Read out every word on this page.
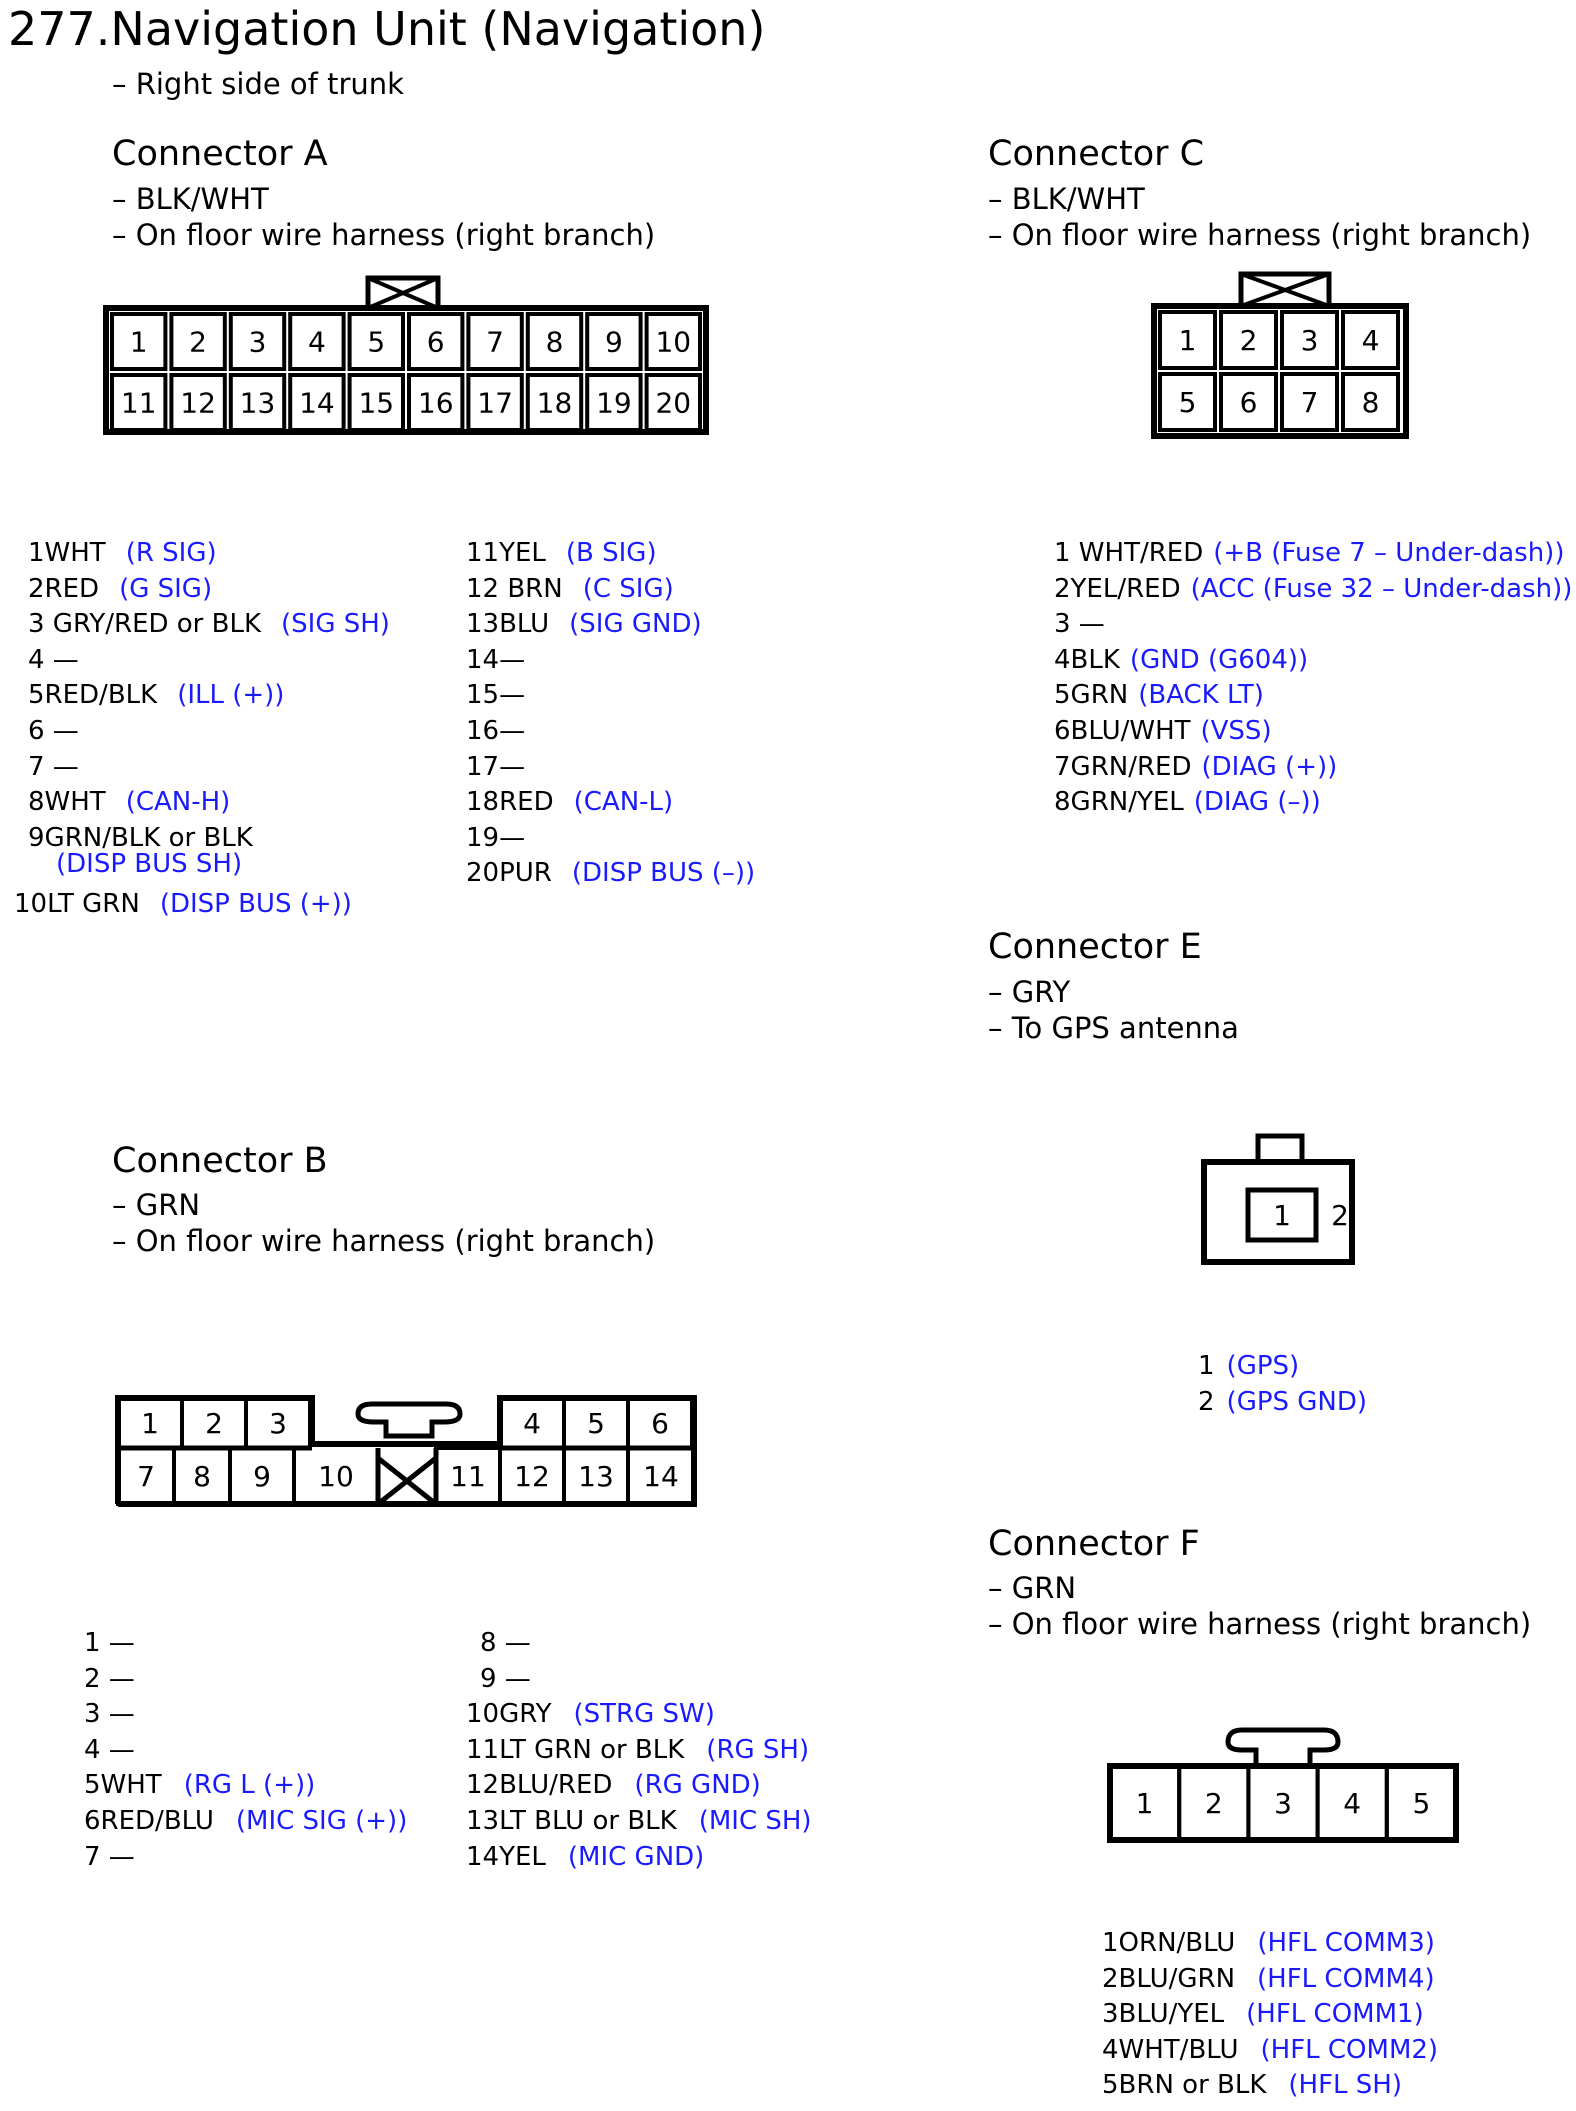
277.Navigation Unit (Navigation)
– Right side of trunk
Connector A
– BLK/WHT
– On floor wire harness (right branch)
1 2 3 4 5 6 7 8 9 10
11 12 13 14 15 16 17 18 19 20
1WHT (R SIG)
2RED (G SIG)
3 GRY/RED or BLK (SIG SH)
4 —
5RED/BLK (ILL (+))
6 —
7 —
8WHT (CAN-H)
9GRN/BLK or BLK
(DISP BUS SH)
10LT GRN (DISP BUS (+))
11YEL (B SIG)
12 BRN (C SIG)
13BLU (SIG GND)
14—
15—
16—
17—
18RED (CAN-L)
19—
20PUR (DISP BUS (–))
Connector C
– BLK/WHT
– On floor wire harness (right branch)
1 2 3 4
5 6 7 8
1 WHT/RED (+B (Fuse 7 – Under-dash))
2YEL/RED (ACC (Fuse 32 – Under-dash))
3 —
4BLK (GND (G604))
5GRN (BACK LT)
6BLU/WHT (VSS)
7GRN/RED (DIAG (+))
8GRN/YEL (DIAG (–))
Connector E
– GRY
– To GPS antenna
1 2
1 (GPS)
2 (GPS GND)
Connector B
– GRN
– On floor wire harness (right branch)
1 2 3	4 5 6
7 8 9 10	11 12 13 14
1 —
2 —
3 —
4 —
5WHT (RG L (+))
6RED/BLU (MIC SIG (+))
7 —
8 —
9 —
10GRY (STRG SW)
11LT GRN or BLK (RG SH)
12BLU/RED (RG GND)
13LT BLU or BLK (MIC SH)
14YEL (MIC GND)
Connector F
– GRN
– On floor wire harness (right branch)
1 2 3 4 5
1ORN/BLU (HFL COMM3)
2BLU/GRN (HFL COMM4)
3BLU/YEL (HFL COMM1)
4WHT/BLU (HFL COMM2)
5BRN or BLK (HFL SH)
